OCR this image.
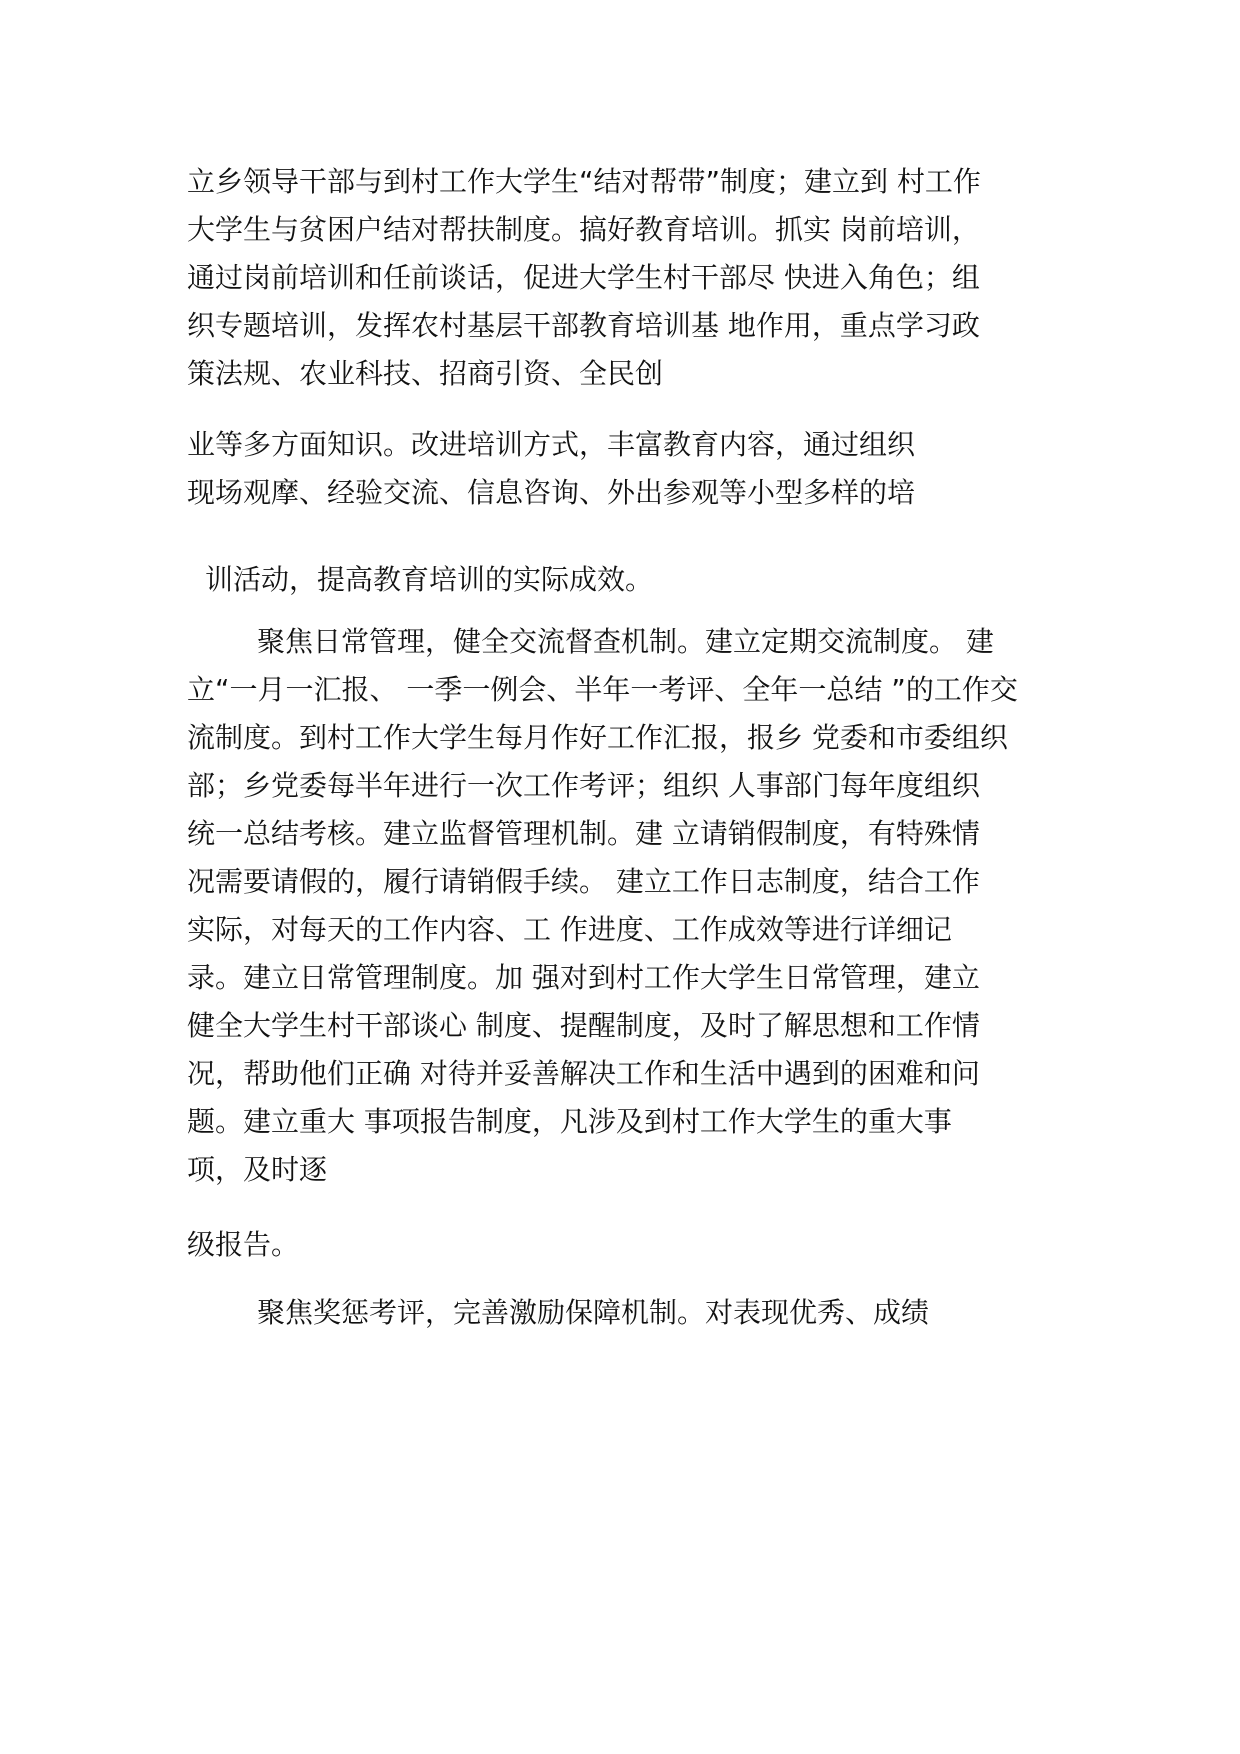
立乡领导干部与到村工作大学生“结对帮带”制度；建立到 村工作
大学生与贫困户结对帮扶制度。搞好教育培训。抓实 岗前培训，
通过岗前培训和任前谈话，促进大学生村干部尽 快进入角色；组
织专题培训，发挥农村基层干部教育培训基 地作用，重点学习政
策法规、农业科技、招商引资、全民创
业等多方面知识。改进培训方式，丰富教育内容，通过组织
现场观摩、经验交流、信息咨询、外出参观等小型多样的培
训活动，提高教育培训的实际成效。
聚焦日常管理，健全交流督查机制。建立定期交流制度。 建
立“一月一汇报、 一季一例会、半年一考评、全年一总结 ”的工作交
流制度。到村工作大学生每月作好工作汇报，报乡 党委和市委组织
部；乡党委每半年进行一次工作考评；组织 人事部门每年度组织
统一总结考核。建立监督管理机制。建 立请销假制度，有特殊情
况需要请假的，履行请销假手续。 建立工作日志制度，结合工作
实际，对每天的工作内容、工 作进度、工作成效等进行详细记
录。建立日常管理制度。加 强对到村工作大学生日常管理，建立
健全大学生村干部谈心 制度、提醒制度，及时了解思想和工作情
况，帮助他们正确 对待并妥善解决工作和生活中遇到的困难和问
题。建立重大 事项报告制度，凡涉及到村工作大学生的重大事
项，及时逐
级报告。
聚焦奖惩考评，完善激励保障机制。对表现优秀、成绩
